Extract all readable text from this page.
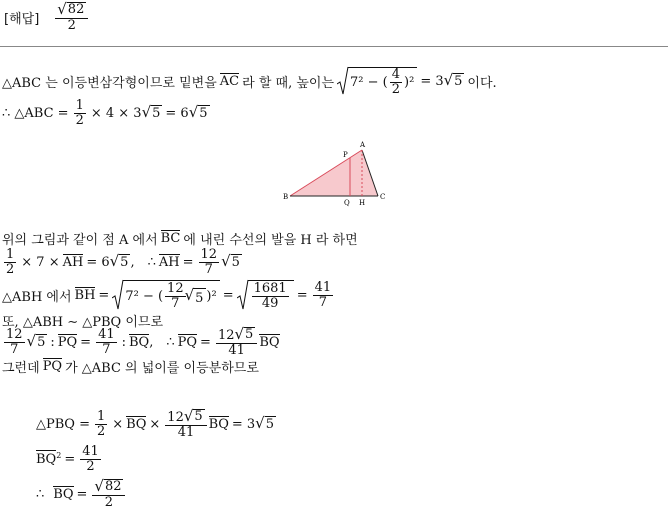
[해답] $\frac{√ 82}{2}$
△ABC 는 이등변삼각형이므로 밑변을 AC 라 할 때, 높이는 7² − ( $\frac{4}{2} )^2 = 3$ √ 5 이다.
∴ △ABC = $\frac{1}{2} \times 4 \times 3$ √ 5 = 6 √ 5
A
P
B
Q H
C
위의 그림과 같이 점 A 에서 BC 에 내린 수선의 발을 H 라 하면
$\frac{1}{2} \times 7$ × AH = 6 √ 5 , ∴ AH = $\frac{12}{7}$ √ 5
△ABH 에서 BH = 7² − ( $\frac{12}{7}$ √ 5 )$^2 = \frac{1681}{49} = \frac{41}{7}$
또, △ABH ∼ △PBQ 이므로
$\frac{12}{7}$ √ 5 : PQ = $\frac{41}{7}$ : BQ , ∴ PQ = $\frac{12 √ 5}{41}$ BQ
그런데 PQ 가 △ABC 의 넓이를 이등분하므로
△PBQ = $\frac{1}{2}$ × BQ × $\frac{12 √ 5}{41}$ BQ = 3 √ 5
$BQ^2 = \frac{41}{2}$
∴ BQ = $\frac{√ 82}{2}$
